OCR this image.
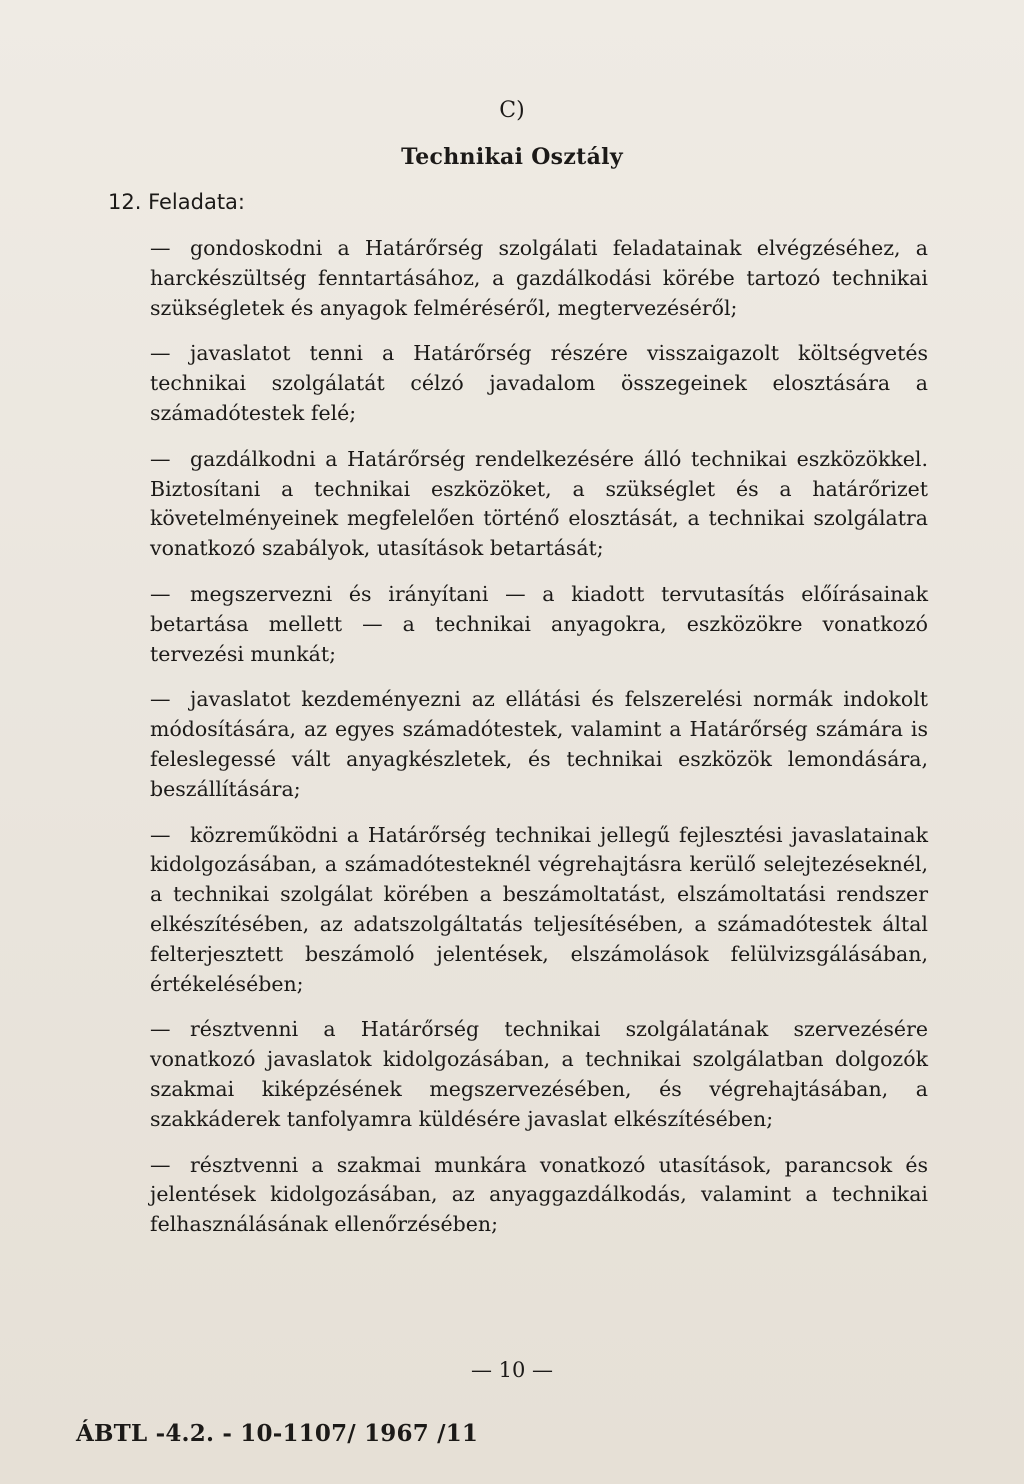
C)
Technikai Osztály
12. Feladata:
— gondoskodni a Határőrség szolgálati feladatainak elvégzéséhez, a harckészültség fenntartásához, a gazdálkodási körébe tartozó technikai szükségletek és anyagok felméréséről, megtervezéséről;
— javaslatot tenni a Határőrség részére visszaigazolt költségvetés technikai szolgálatát célzó javadalom összegeinek elosztására a számadótestek felé;
— gazdálkodni a Határőrség rendelkezésére álló technikai eszközökkel. Biztosítani a technikai eszközöket, a szükséglet és a határőrizet követelményeinek megfelelően történő elosztását, a technikai szolgálatra vonatkozó szabályok, utasítások betartását;
— megszervezni és irányítani — a kiadott tervutasítás előírásainak betartása mellett — a technikai anyagokra, eszközökre vonatkozó tervezési munkát;
— javaslatot kezdeményezni az ellátási és felszerelési normák indokolt módosítására, az egyes számadótestek, valamint a Határőrség számára is feleslegessé vált anyagkészletek, és technikai eszközök lemondására, beszállítására;
— közreműködni a Határőrség technikai jellegű fejlesztési javaslatainak kidolgozásában, a számadótesteknél végrehajtásra kerülő selejtezéseknél, a technikai szolgálat körében a beszámoltatást, elszámoltatási rendszer elkészítésében, az adatszolgáltatás teljesítésében, a számadótestek által felterjesztett beszámoló jelentések, elszámolások felülvizsgálásában, értékelésében;
— résztvenni a Határőrség technikai szolgálatának szervezésére vonatkozó javaslatok kidolgozásában, a technikai szolgálatban dolgozók szakmai kiképzésének megszervezésében, és végrehajtásában, a szakkáderek tanfolyamra küldésére javaslat elkészítésében;
— résztvenni a szakmai munkára vonatkozó utasítások, parancsok és jelentések kidolgozásában, az anyaggazdálkodás, valamint a technikai felhasználásának ellenőrzésében;
— 10 —
ÁBTL -4.2. - 10-1107/ 1967 /11
